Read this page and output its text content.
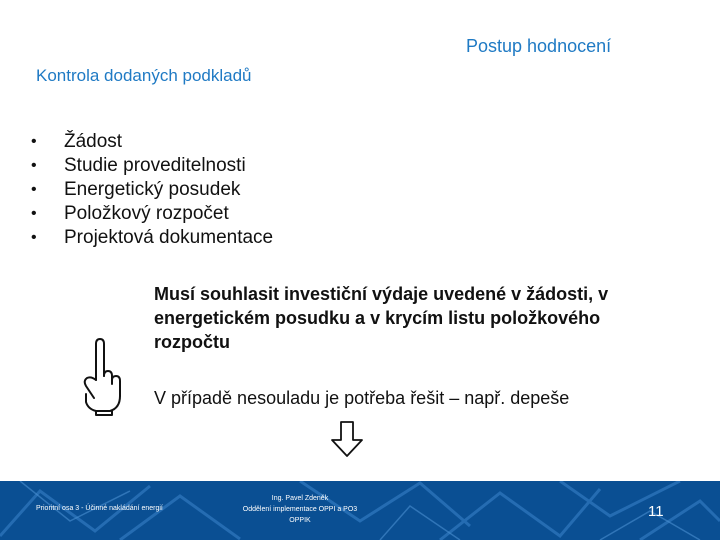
Postup hodnocení
Kontrola dodaných podkladů
• Žádost
• Studie proveditelnosti
• Energetický posudek
• Položkový rozpočet
• Projektová dokumentace
Musí souhlasit investiční výdaje uvedené v žádosti, v energetickém posudku a v krycím listu položkového rozpočtu
V případě nesouladu je potřeba řešit – např. depeše
Prioritní osa 3 - Účinné nakládání energií
Ing. Pavel Zdeněk
Oddělení implementace OPPI a PO3
OPPIK
11
